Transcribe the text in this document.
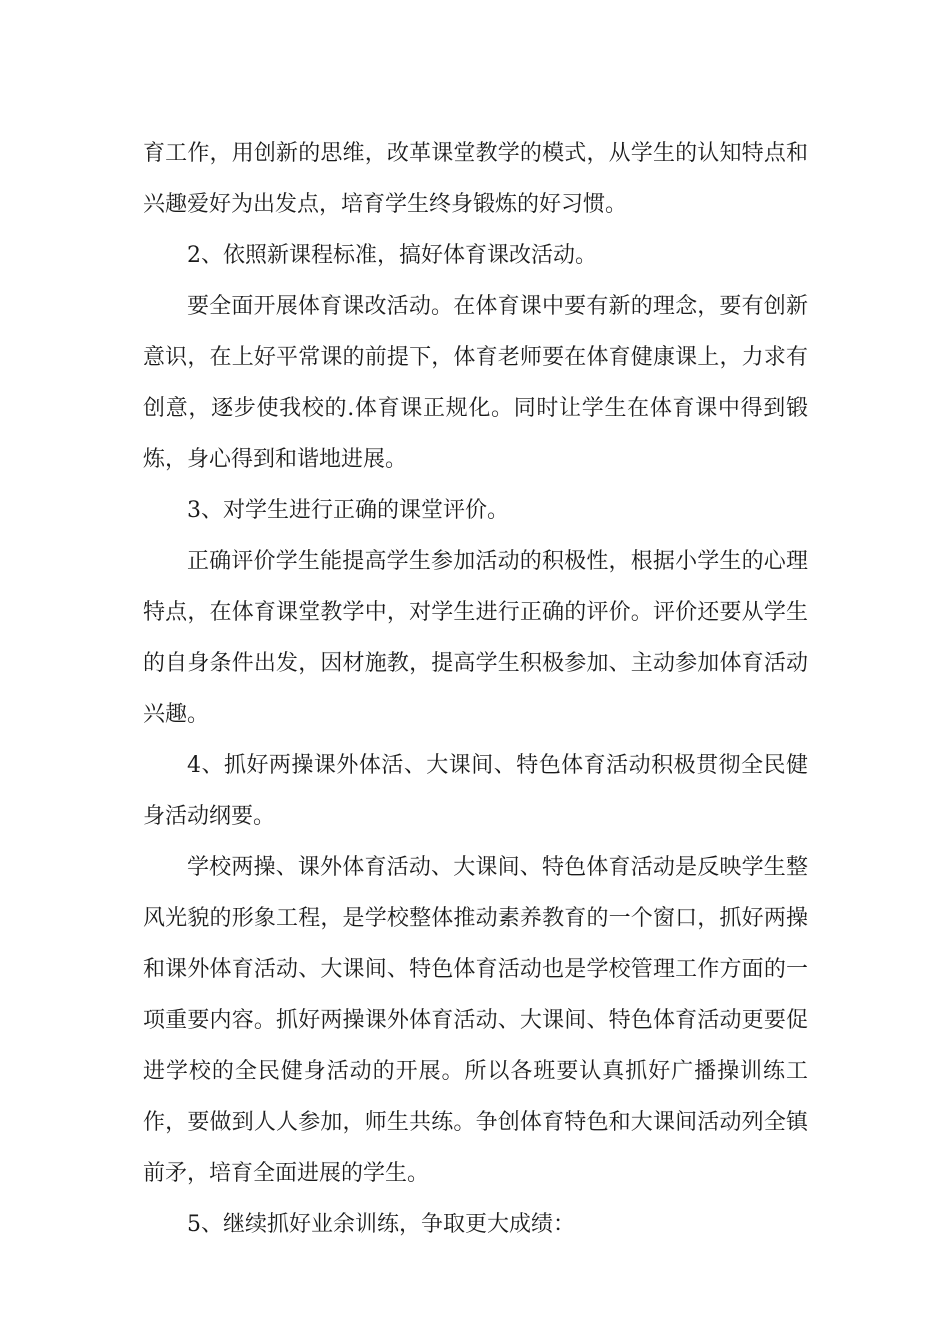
育工作，用创新的思维，改革课堂教学的模式，从学生的认知特点和兴趣爱好为出发点，培育学生终身锻炼的好习惯。

2、依照新课程标准，搞好体育课改活动。

要全面开展体育课改活动。在体育课中要有新的理念，要有创新意识，在上好平常课的前提下，体育老师要在体育健康课上，力求有创意，逐步使我校的.体育课正规化。同时让学生在体育课中得到锻炼，身心得到和谐地进展。

3、对学生进行正确的课堂评价。

正确评价学生能提高学生参加活动的积极性，根据小学生的心理特点，在体育课堂教学中，对学生进行正确的评价。评价还要从学生的自身条件出发，因材施教，提高学生积极参加、主动参加体育活动兴趣。

4、抓好两操课外体活、大课间、特色体育活动积极贯彻全民健身活动纲要。

学校两操、课外体育活动、大课间、特色体育活动是反映学生整风光貌的形象工程，是学校整体推动素养教育的一个窗口，抓好两操和课外体育活动、大课间、特色体育活动也是学校管理工作方面的一项重要内容。抓好两操课外体育活动、大课间、特色体育活动更要促进学校的全民健身活动的开展。所以各班要认真抓好广播操训练工作，要做到人人参加，师生共练。争创体育特色和大课间活动列全镇前矛，培育全面进展的学生。

5、继续抓好业余训练，争取更大成绩：
